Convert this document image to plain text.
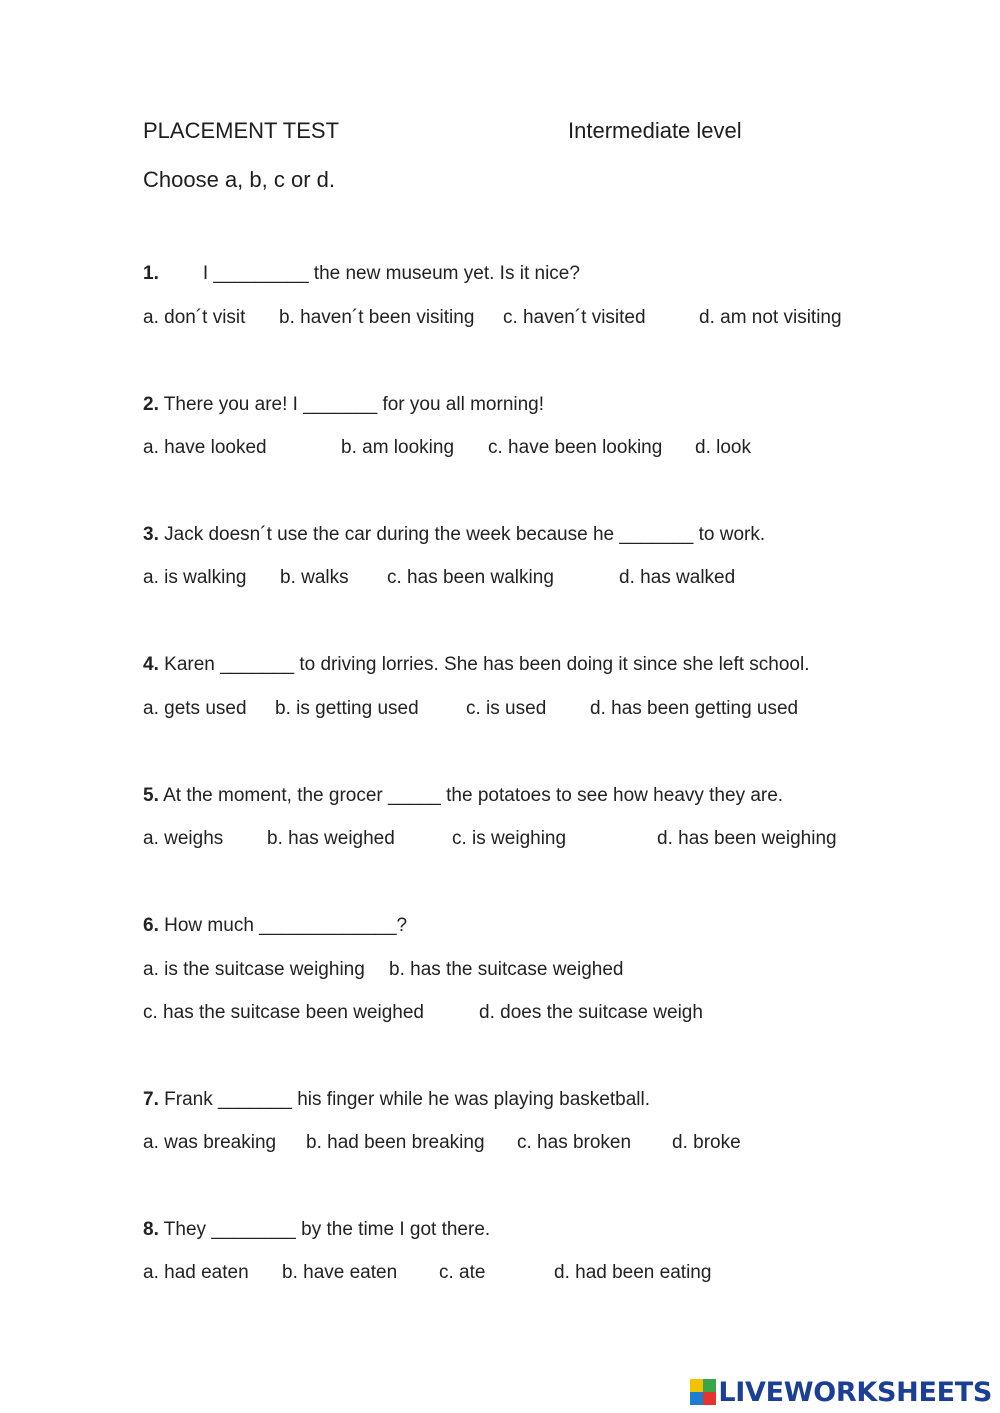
PLACEMENT TEST	Intermediate level
Choose a, b, c or d.
1. I _________ the new museum yet. Is it nice?
a. don´t visit b. haven´t been visiting c. haven´t visited	d. am not visiting
2. There you are! I _______ for you all morning!
a. have looked	b. am looking c. have been looking d. look
3. Jack doesn´t use the car during the week because he _______ to work.
a. is walking b. walks c. has been walking	d. has walked
4. Karen _______ to driving lorries. She has been doing it since she left school.
a. gets used b. is getting used c. is used d. has been getting used
5. At the moment, the grocer _____ the potatoes to see how heavy they are.
a. weighs b. has weighed	c. is weighing	d. has been weighing
6. How much _____________?
a. is the suitcase weighing b. has the suitcase weighed
c. has the suitcase been weighed	d. does the suitcase weigh
7. Frank _______ his finger while he was playing basketball.
a. was breaking b. had been breaking c. has broken d. broke
8. They ________ by the time I got there.
a. had eaten b. have eaten c. ate	d. had been eating
LIVEWORKSHEETS
